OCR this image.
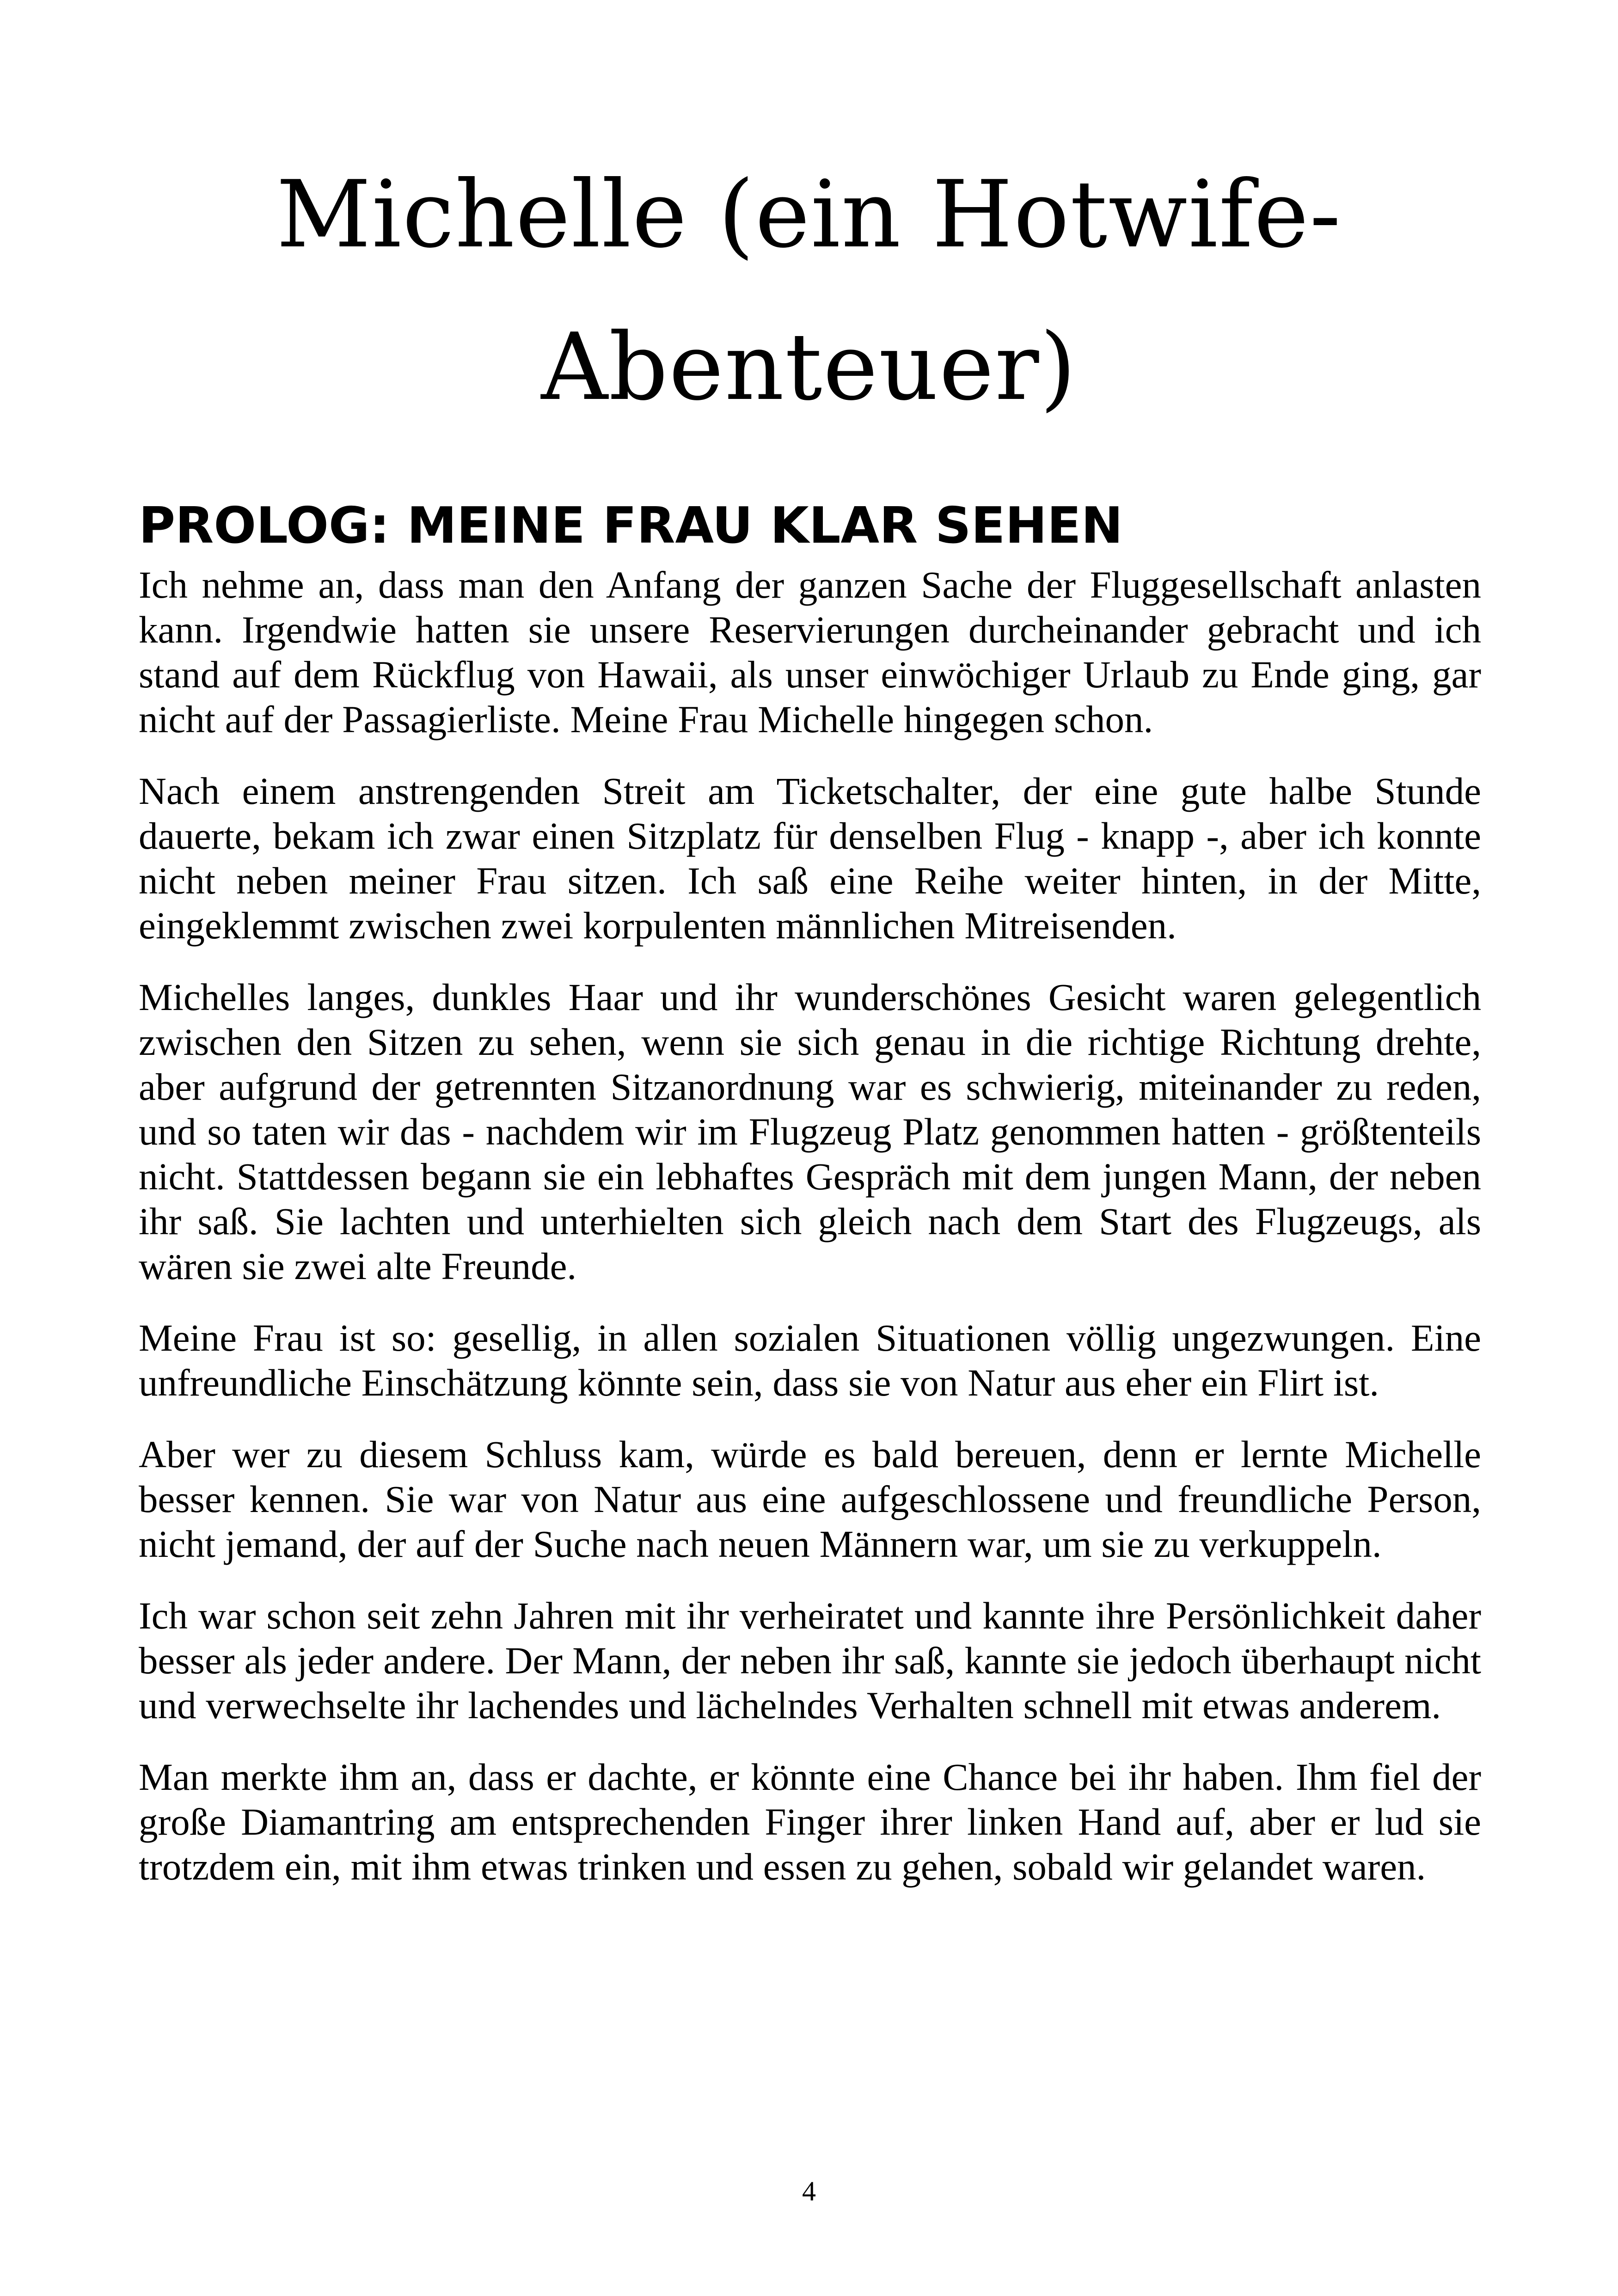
Michelle (ein Hotwife-
Abenteuer)
PROLOG: MEINE FRAU KLAR SEHEN

Ich nehme an, dass man den Anfang der ganzen Sache der Fluggesellschaft anlasten kann. Irgendwie hatten sie unsere Reservierungen durcheinander gebracht und ich stand auf dem Rückflug von Hawaii, als unser einwöchiger Urlaub zu Ende ging, gar nicht auf der Passagierliste. Meine Frau Michelle hingegen schon.

Nach einem anstrengenden Streit am Ticketschalter, der eine gute halbe Stunde dauerte, bekam ich zwar einen Sitzplatz für denselben Flug - knapp -, aber ich konnte nicht neben meiner Frau sitzen. Ich saß eine Reihe weiter hinten, in der Mitte, eingeklemmt zwischen zwei korpulenten männlichen Mitreisenden.

Michelles langes, dunkles Haar und ihr wunderschönes Gesicht waren gelegentlich zwischen den Sitzen zu sehen, wenn sie sich genau in die richtige Richtung drehte, aber aufgrund der getrennten Sitzanordnung war es schwierig, miteinander zu reden, und so taten wir das - nachdem wir im Flugzeug Platz genommen hatten - größtenteils nicht. Stattdessen begann sie ein lebhaftes Gespräch mit dem jungen Mann, der neben ihr saß. Sie lachten und unterhielten sich gleich nach dem Start des Flugzeugs, als wären sie zwei alte Freunde.

Meine Frau ist so: gesellig, in allen sozialen Situationen völlig ungezwungen. Eine unfreundliche Einschätzung könnte sein, dass sie von Natur aus eher ein Flirt ist.

Aber wer zu diesem Schluss kam, würde es bald bereuen, denn er lernte Michelle besser kennen. Sie war von Natur aus eine aufgeschlossene und freundliche Person, nicht jemand, der auf der Suche nach neuen Männern war, um sie zu verkuppeln.

Ich war schon seit zehn Jahren mit ihr verheiratet und kannte ihre Persönlichkeit daher besser als jeder andere. Der Mann, der neben ihr saß, kannte sie jedoch überhaupt nicht und verwechselte ihr lachendes und lächelndes Verhalten schnell mit etwas anderem.

Man merkte ihm an, dass er dachte, er könnte eine Chance bei ihr haben. Ihm fiel der große Diamantring am entsprechenden Finger ihrer linken Hand auf, aber er lud sie trotzdem ein, mit ihm etwas trinken und essen zu gehen, sobald wir gelandet waren.

4
